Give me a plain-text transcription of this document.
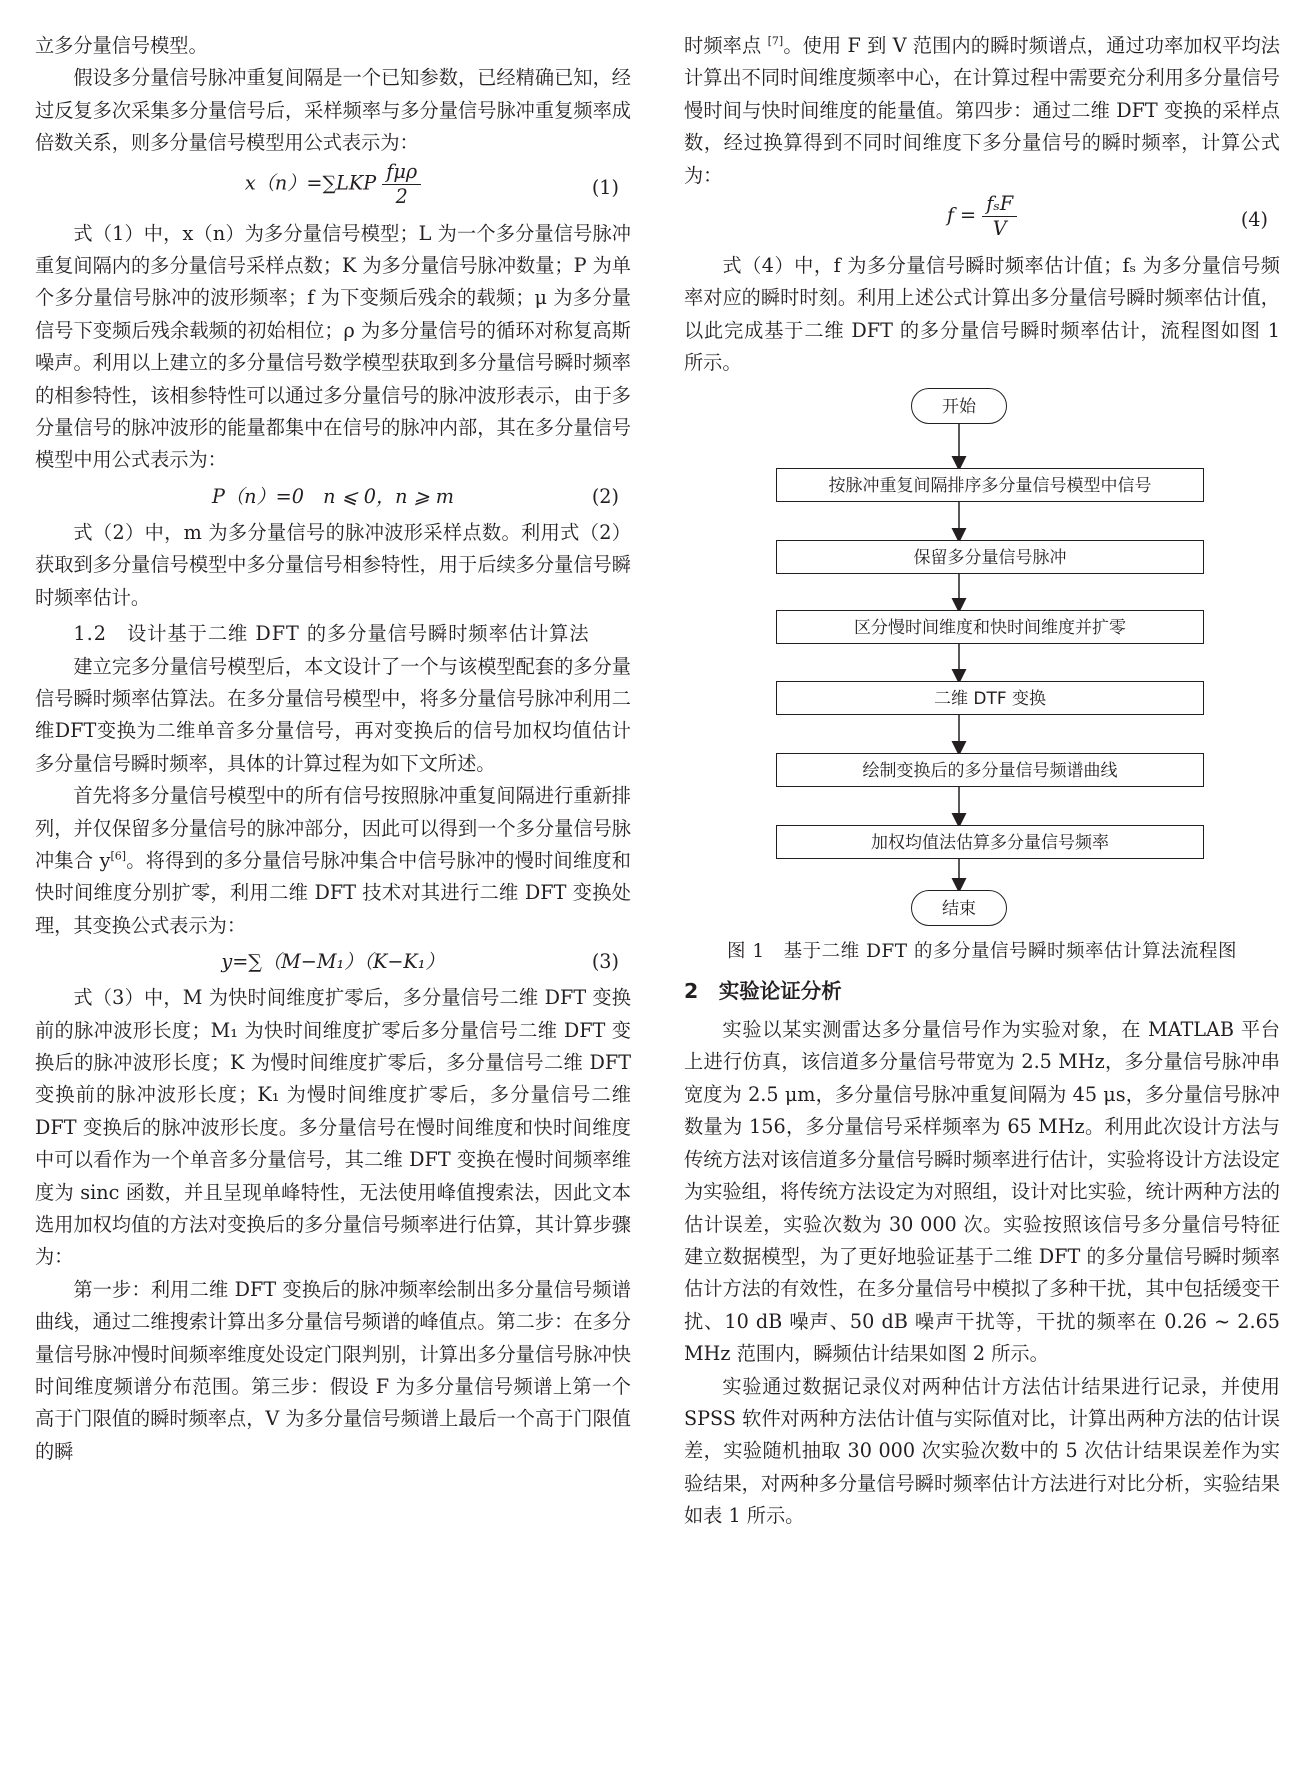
立多分量信号模型。

假设多分量信号脉冲重复间隔是一个已知参数，已经精确已知，经过反复多次采集多分量信号后，采样频率与多分量信号脉冲重复频率成倍数关系，则多分量信号模型用公式表示为：

$x(n)=\sum LKP \frac{\text{fμρ}}{2}$	(1)

式（1）中，x（n）为多分量信号模型；L 为一个多分量信号脉冲重复间隔内的多分量信号采样点数；K 为多分量信号脉冲数量；P 为单个多分量信号脉冲的波形频率；f 为下变频后残余的载频；μ 为多分量信号下变频后残余载频的初始相位；ρ 为多分量信号的循环对称复高斯噪声。利用以上建立的多分量信号数学模型获取到多分量信号瞬时频率的相参特性，该相参特性可以通过多分量信号的脉冲波形表示，由于多分量信号的脉冲波形的能量都集中在信号的脉冲内部，其在多分量信号模型中用公式表示为：

P（n）=0　n ⩽ 0，n ⩾ m	(2)

式（2）中，m 为多分量信号的脉冲波形采样点数。利用式（2）获取到多分量信号模型中多分量信号相参特性，用于后续多分量信号瞬时频率估计。

1.2　设计基于二维 DFT 的多分量信号瞬时频率估计算法

建立完多分量信号模型后，本文设计了一个与该模型配套的多分量信号瞬时频率估算法。在多分量信号模型中，将多分量信号脉冲利用二维DFT变换为二维单音多分量信号，再对变换后的信号加权均值估计多分量信号瞬时频率，具体的计算过程为如下文所述。

首先将多分量信号模型中的所有信号按照脉冲重复间隔进行重新排列，并仅保留多分量信号的脉冲部分，因此可以得到一个多分量信号脉冲集合 y[6]。将得到的多分量信号脉冲集合中信号脉冲的慢时间维度和快时间维度分别扩零，利用二维 DFT 技术对其进行二维 DFT 变换处理，其变换公式表示为：

y=∑（M−M₁）（K−K₁）	(3)

式（3）中，M 为快时间维度扩零后，多分量信号二维 DFT 变换前的脉冲波形长度；M₁ 为快时间维度扩零后多分量信号二维 DFT 变换后的脉冲波形长度；K 为慢时间维度扩零后，多分量信号二维 DFT 变换前的脉冲波形长度；K₁ 为慢时间维度扩零后，多分量信号二维 DFT 变换后的脉冲波形长度。多分量信号在慢时间维度和快时间维度中可以看作为一个单音多分量信号，其二维 DFT 变换在慢时间频率维度为 sinc 函数，并且呈现单峰特性，无法使用峰值搜索法，因此文本选用加权均值的方法对变换后的多分量信号频率进行估算，其计算步骤为：

第一步：利用二维 DFT 变换后的脉冲频率绘制出多分量信号频谱曲线，通过二维搜索计算出多分量信号频谱的峰值点。第二步：在多分量信号脉冲慢时间频率维度处设定门限判别，计算出多分量信号脉冲快时间维度频谱分布范围。第三步：假设 F 为多分量信号频谱上第一个高于门限值的瞬时频率点，V 为多分量信号频谱上最后一个高于门限值的瞬

时频率点 [7]。使用 F 到 V 范围内的瞬时频谱点，通过功率加权平均法计算出不同时间维度频率中心，在计算过程中需要充分利用多分量信号慢时间与快时间维度的能量值。第四步：通过二维 DFT 变换的采样点数，经过换算得到不同时间维度下多分量信号的瞬时频率，计算公式为：

$f = \frac{\text{fₛF}}{V}$	(4)

式（4）中，f 为多分量信号瞬时频率估计值；fₛ 为多分量信号频率对应的瞬时时刻。利用上述公式计算出多分量信号瞬时频率估计值，以此完成基于二维 DFT 的多分量信号瞬时频率估计，流程图如图 1 所示。

开始
按脉冲重复间隔排序多分量信号模型中信号
保留多分量信号脉冲
区分慢时间维度和快时间维度并扩零
二维 DTF 变换
绘制变换后的多分量信号频谱曲线
加权均值法估算多分量信号频率
结束
图 1　基于二维 DFT 的多分量信号瞬时频率估计算法流程图
2　实验论证分析

实验以某实测雷达多分量信号作为实验对象，在 MATLAB 平台上进行仿真，该信道多分量信号带宽为 2.5 MHz，多分量信号脉冲串宽度为 2.5 μm，多分量信号脉冲重复间隔为 45 μs，多分量信号脉冲数量为 156，多分量信号采样频率为 65 MHz。利用此次设计方法与传统方法对该信道多分量信号瞬时频率进行估计，实验将设计方法设定为实验组，将传统方法设定为对照组，设计对比实验，统计两种方法的估计误差，实验次数为 30 000 次。实验按照该信号多分量信号特征建立数据模型，为了更好地验证基于二维 DFT 的多分量信号瞬时频率估计方法的有效性，在多分量信号中模拟了多种干扰，其中包括缓变干扰、10 dB 噪声、50 dB 噪声干扰等，干扰的频率在 0.26 ~ 2.65 MHz 范围内，瞬频估计结果如图 2 所示。

实验通过数据记录仪对两种估计方法估计结果进行记录，并使用 SPSS 软件对两种方法估计值与实际值对比，计算出两种方法的估计误差，实验随机抽取 30 000 次实验次数中的 5 次估计结果误差作为实验结果，对两种多分量信号瞬时频率估计方法进行对比分析，实验结果如表 1 所示。
